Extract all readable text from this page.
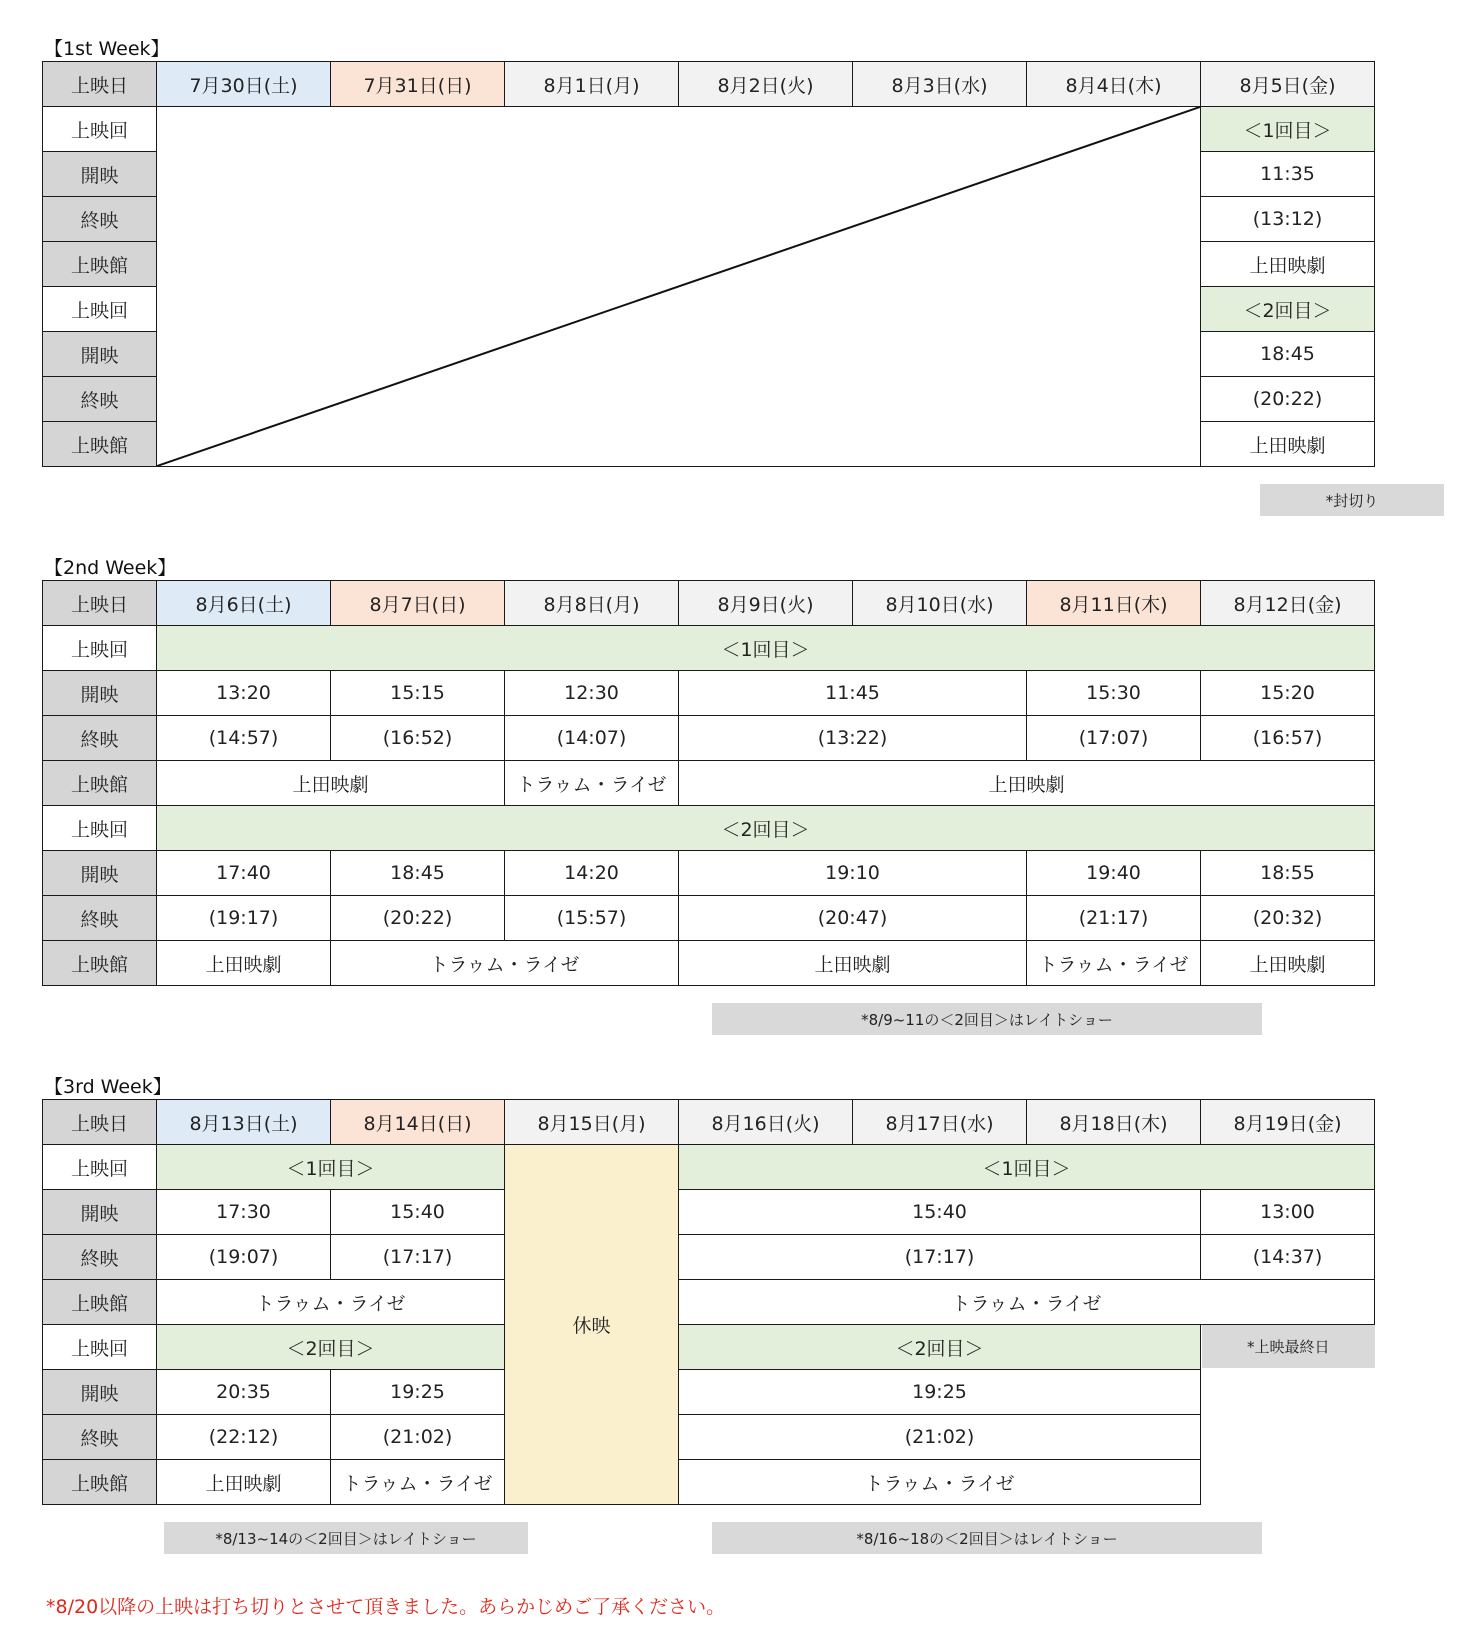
【1st Week】
上映日	7月30日(土)	7月31日(日)	8月1日(月)	8月2日(火)	8月3日(水)	8月4日(木)	8月5日(金)
上映回							＜1回目＞
開映							11:35
終映							(13:12)
上映館							上田映劇
上映回							＜2回目＞
開映							18:45
終映							(20:22)
上映館							上田映劇
*封切り
【2nd Week】
上映日	8月6日(土)	8月7日(日)	8月8日(月)	8月9日(火)	8月10日(水)	8月11日(木)	8月12日(金)
上映回	＜1回目＞						
開映	13:20	15:15	12:30	11:45		15:30	15:20
終映	(14:57)	(16:52)	(14:07)	(13:22)		(17:07)	(16:57)
上映館	上田映劇		トラゥム・ライゼ	上田映劇			
上映回	＜2回目＞						
開映	17:40	18:45	14:20	19:10		19:40	18:55
終映	(19:17)	(20:22)	(15:57)	(20:47)		(21:17)	(20:32)
上映館	上田映劇	トラゥム・ライゼ		上田映劇		トラゥム・ライゼ	上田映劇
*8/9~11の＜2回目＞はレイトショー
【3rd Week】
上映日	8月13日(土)	8月14日(日)	8月15日(月)	8月16日(火)	8月17日(水)	8月18日(木)	8月19日(金)
上映回	＜1回目＞		休映	＜1回目＞			
開映	17:30	15:40		15:40			13:00
終映	(19:07)	(17:17)		(17:17)			(14:37)
上映館	トラゥム・ライゼ			トラゥム・ライゼ			
上映回	＜2回目＞			＜2回目＞			*上映最終日

開映	20:35	19:25		19:25			
終映	(22:12)	(21:02)		(21:02)			
上映館	上田映劇	トラゥム・ライゼ		トラゥム・ライゼ			
*8/13~14の＜2回目＞はレイトショー	*8/16~18の＜2回目＞はレイトショー
*8/20以降の上映は打ち切りとさせて頂きました。あらかじめご了承ください。
